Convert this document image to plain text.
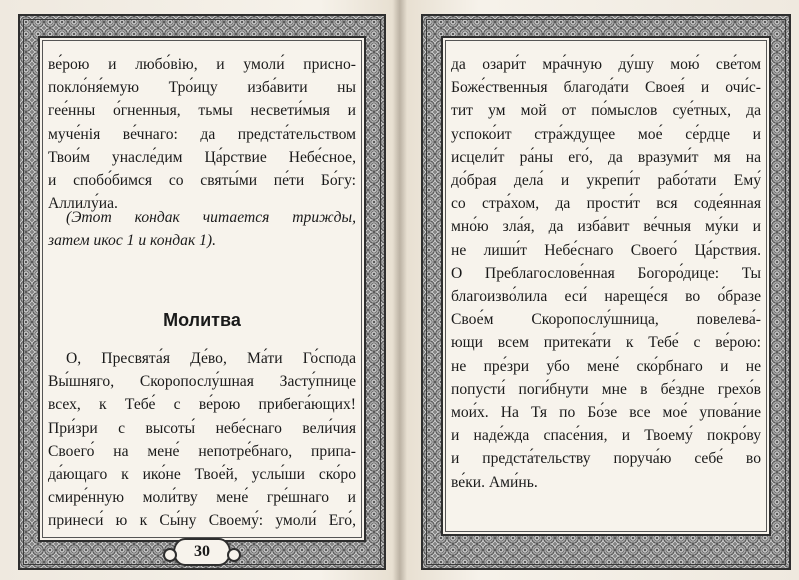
ве́рою и любо́вію, и умоли́ присно-
покло́ня́емую Тро́ицу изба́вити ны
гее́нны о́гненныя, тьмы несвети́мыя и
муче́нія ве́чнаго: да предста́тельством
Твои́м унасле́дим Ца́рствие Небе́сное,
и спобо́бимся со святы́ми пе́ти Бо́гу:
Аллилу́иа.
(Этот кондак читается трижды,
затем икос 1 и кондак 1).
Молитва
О, Пресвята́я Де́во, Ма́ти Го́спода
Вы́шняго, Скоропослу́шная Засту́пнице
всех, к Тебе́ с ве́рою прибега́ющих!
При́зри с высоты́ небе́снаго вели́чия
Своего́ на мене́ непотре́бнаго, припа-
да́ющаго к ико́не Твое́й, услы́ши ско́ро
смире́нную моли́тву мене́ гре́шнаго и
принеси́ ю к Сы́ну Своему́: умоли́ Его́,
30
да озари́т мра́чную ду́шу мою́ све́том
Боже́ственныя благода́ти Своея́ и очи́с-
тит ум мой от по́мыслов суе́тных, да
успоко́ит стра́ждущее мое́ се́рдце и
исцели́т ра́ны его́, да вразуми́т мя на
до́брая дела́ и укрепи́т рабо́тати Ему́
со стра́хом, да прости́т вся соде́янная
мно́ю зла́я, да изба́вит ве́чныя му́ки и
не лиши́т Небе́снаго Своего́ Ца́рствия.
О Преблагослове́нная Богоро́дице: Ты
благоизво́лила еси́ нареще́ся во о́бразе
Свое́м Скоропослу́шница, повелева́-
ющи всем притека́ти к Тебе́ с ве́рою:
не пре́зри убо мене́ ско́рбнаго и не
попусти́ поги́бнути мне в бе́здне грехо́в
мои́х. На Тя по Бо́зе все мое́ упова́ние
и наде́жда спасе́ния, и Твоему́ покро́ву
и предста́тельству поруча́ю себе́ во
ве́ки. Ами́нь.
